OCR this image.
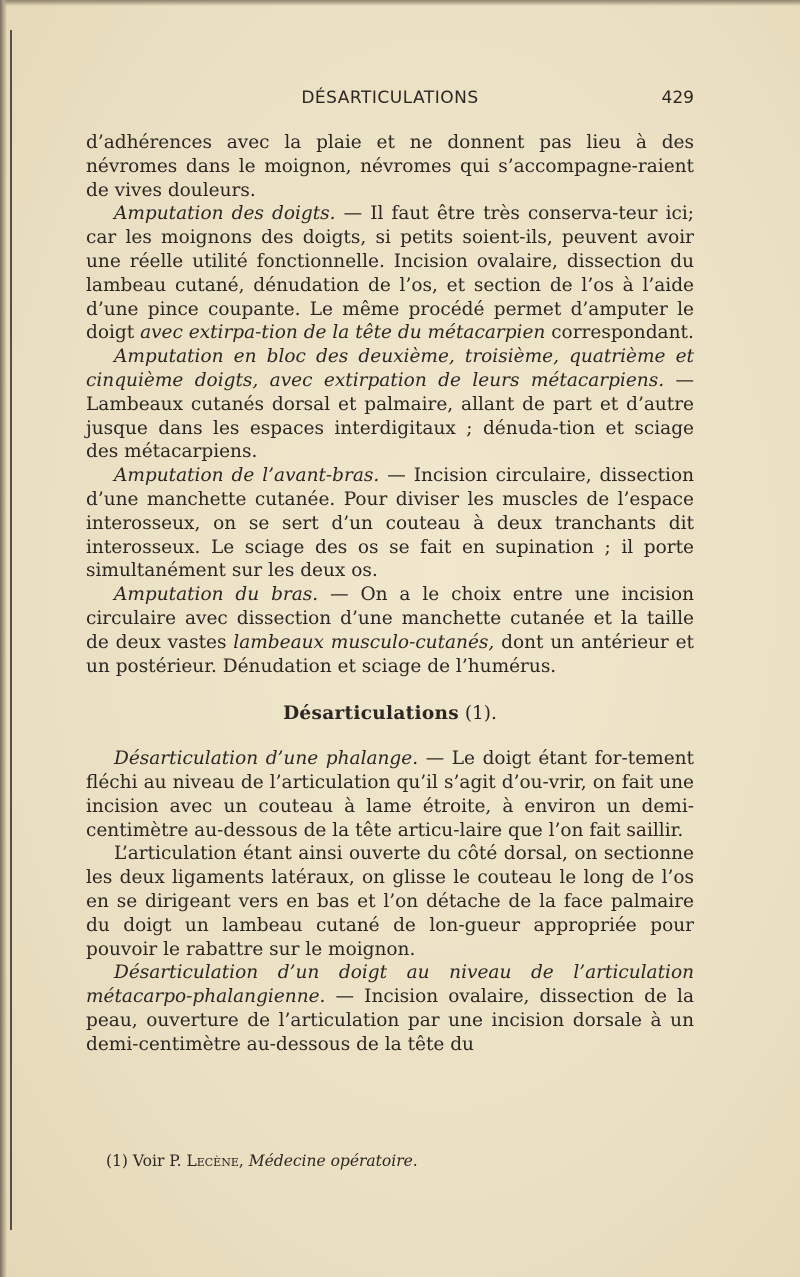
DÉSARTICULATIONS	429

d’adhérences avec la plaie et ne donnent pas lieu à des névromes dans le moignon, névromes qui s’accompagne-raient de vives douleurs.

Amputation des doigts. — Il faut être très conserva-teur ici; car les moignons des doigts, si petits soient-ils, peuvent avoir une réelle utilité fonctionnelle. Incision ovalaire, dissection du lambeau cutané, dénudation de l’os, et section de l’os à l’aide d’une pince coupante. Le même procédé permet d’amputer le doigt avec extirpa-tion de la tête du métacarpien correspondant.

Amputation en bloc des deuxième, troisième, quatrième et cinquième doigts, avec extirpation de leurs métacarpiens. — Lambeaux cutanés dorsal et palmaire, allant de part et d’autre jusque dans les espaces interdigitaux ; dénuda-tion et sciage des métacarpiens.

Amputation de l’avant-bras. — Incision circulaire, dissection d’une manchette cutanée. Pour diviser les muscles de l’espace interosseux, on se sert d’un couteau à deux tranchants dit interosseux. Le sciage des os se fait en supination ; il porte simultanément sur les deux os.

Amputation du bras. — On a le choix entre une incision circulaire avec dissection d’une manchette cutanée et la taille de deux vastes lambeaux musculo-cutanés, dont un antérieur et un postérieur. Dénudation et sciage de l’humérus.

Désarticulations (1).

Désarticulation d’une phalange. — Le doigt étant for-tement fléchi au niveau de l’articulation qu’il s’agit d’ou-vrir, on fait une incision avec un couteau à lame étroite, à environ un demi-centimètre au-dessous de la tête articu-laire que l’on fait saillir.

L’articulation étant ainsi ouverte du côté dorsal, on sectionne les deux ligaments latéraux, on glisse le couteau le long de l’os en se dirigeant vers en bas et l’on détache de la face palmaire du doigt un lambeau cutané de lon-gueur appropriée pour pouvoir le rabattre sur le moignon.

Désarticulation d’un doigt au niveau de l’articulation métacarpo-phalangienne. — Incision ovalaire, dissection de la peau, ouverture de l’articulation par une incision dorsale à un demi-centimètre au-dessous de la tête du

(1) Voir P. Lecène, Médecine opératoire.
